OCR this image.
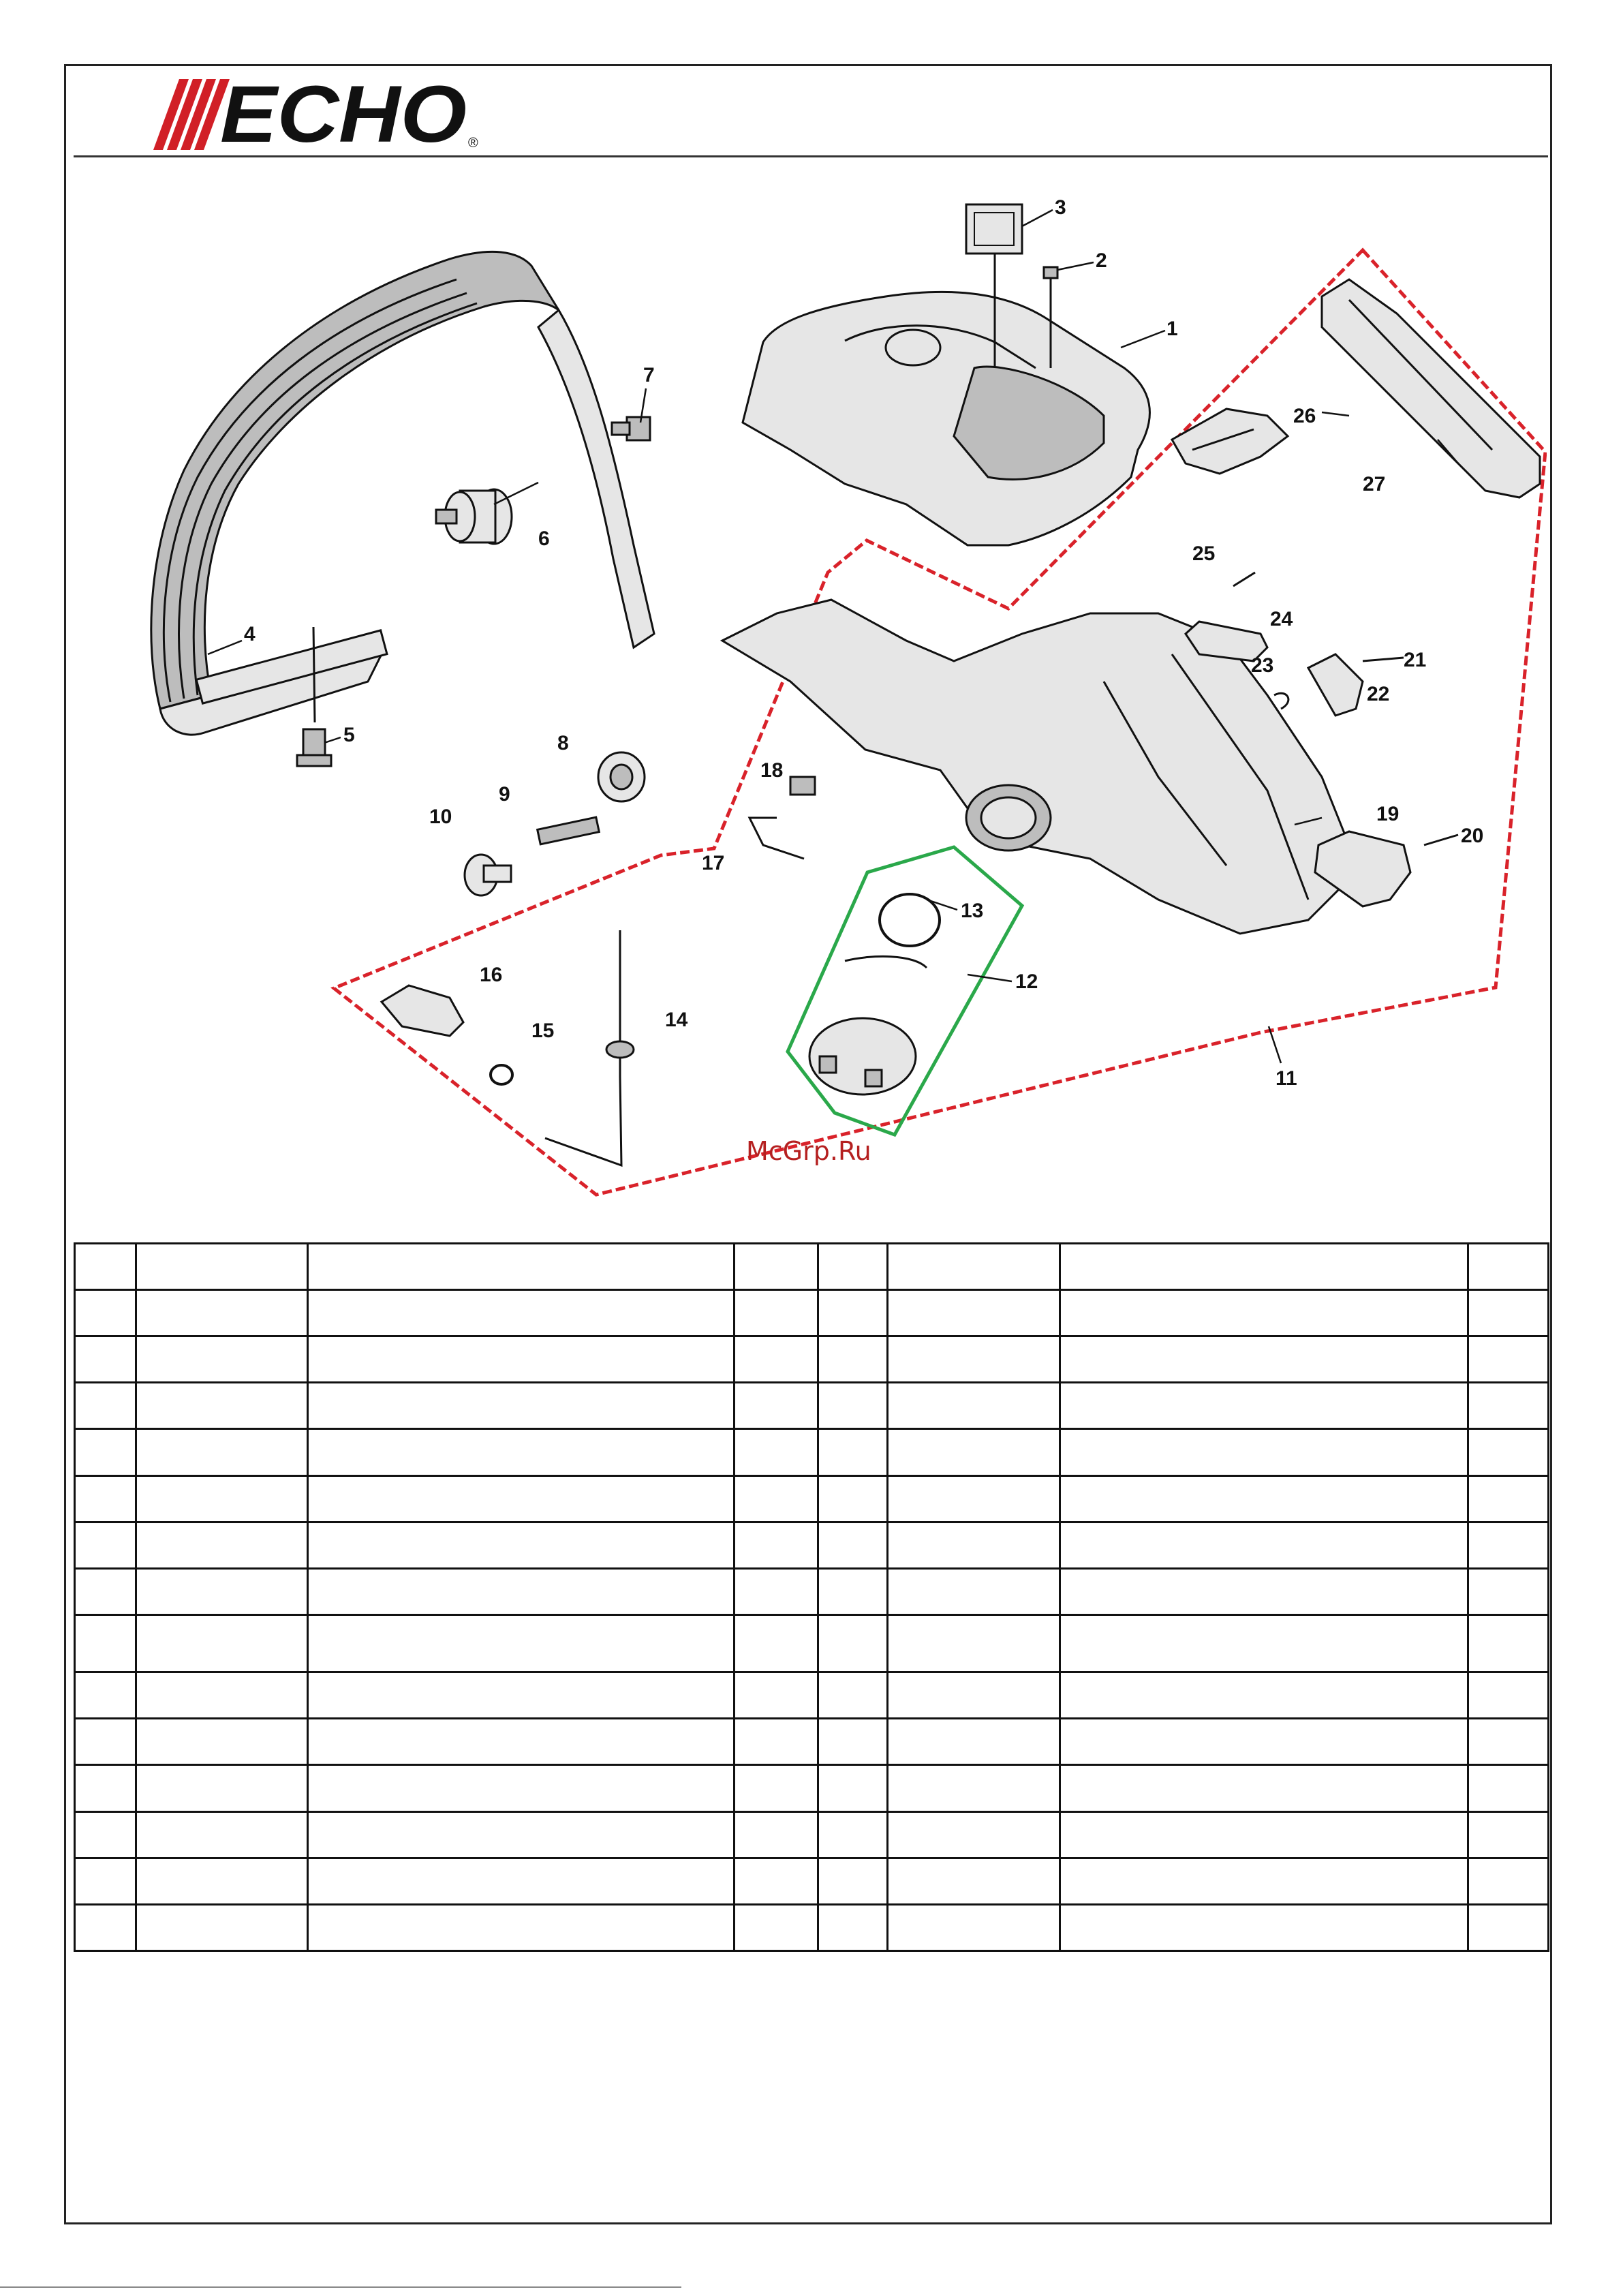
ECHO ®
1
2
3
4
5
6
7
8
9
10
11
12
13
14
15
16
17
18
19
20
21
22
23
24
25
26
27
McGrp.Ru
